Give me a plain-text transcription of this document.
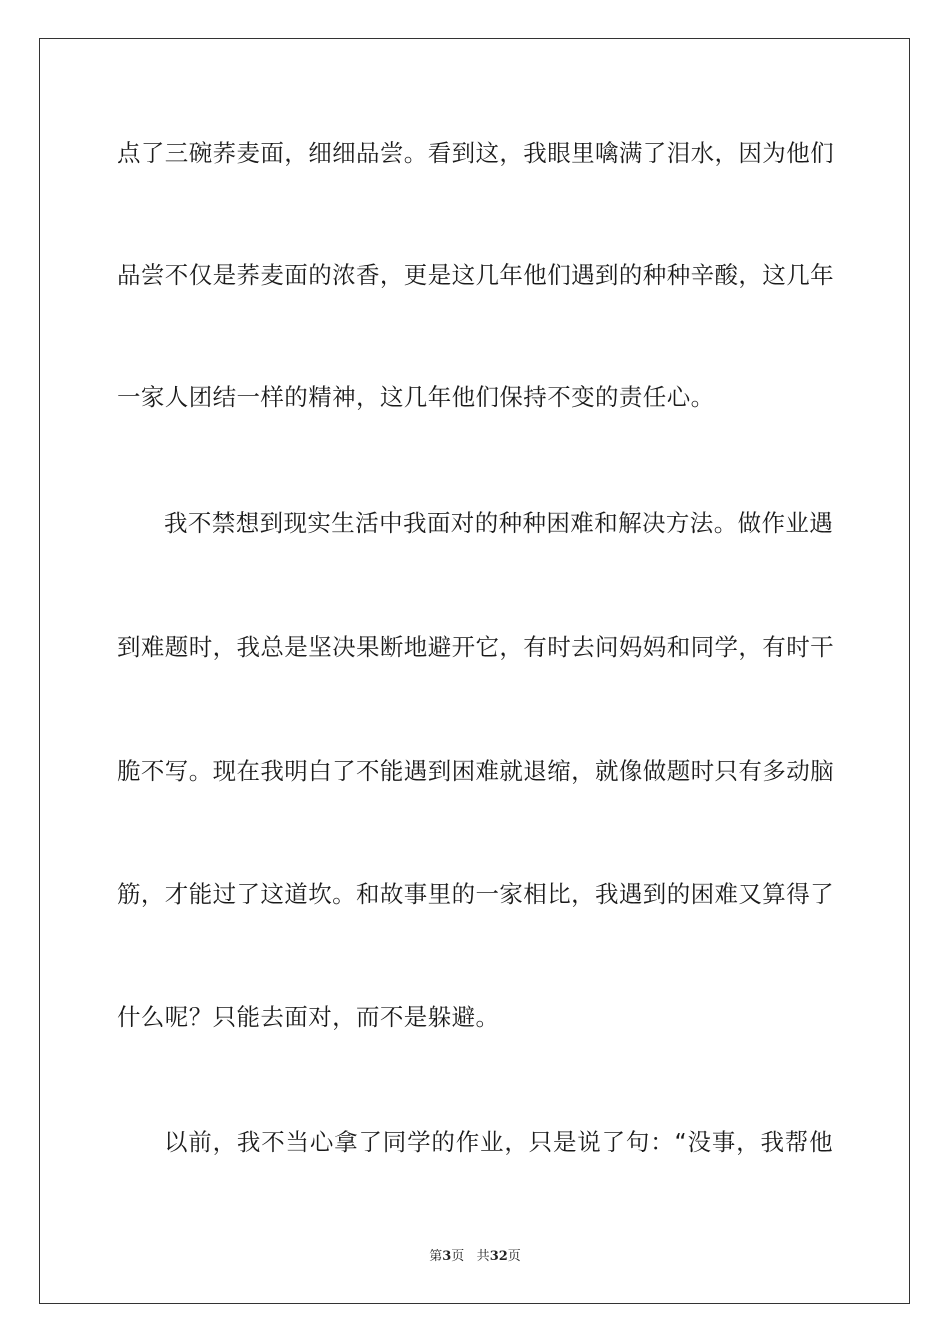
点了三碗荞麦面，细细品尝。看到这，我眼里噙满了泪水，因为他们
品尝不仅是荞麦面的浓香，更是这几年他们遇到的种种辛酸，这几年
一家人团结一样的精神，这几年他们保持不变的责任心。
我不禁想到现实生活中我面对的种种困难和解决方法。做作业遇
到难题时，我总是坚决果断地避开它，有时去问妈妈和同学，有时干
脆不写。现在我明白了不能遇到困难就退缩，就像做题时只有多动脑
筋，才能过了这道坎。和故事里的一家相比，我遇到的困难又算得了
什么呢？只能去面对，而不是躲避。
以前，我不当心拿了同学的作业，只是说了句：“没事，我帮他
第3页 共32页
